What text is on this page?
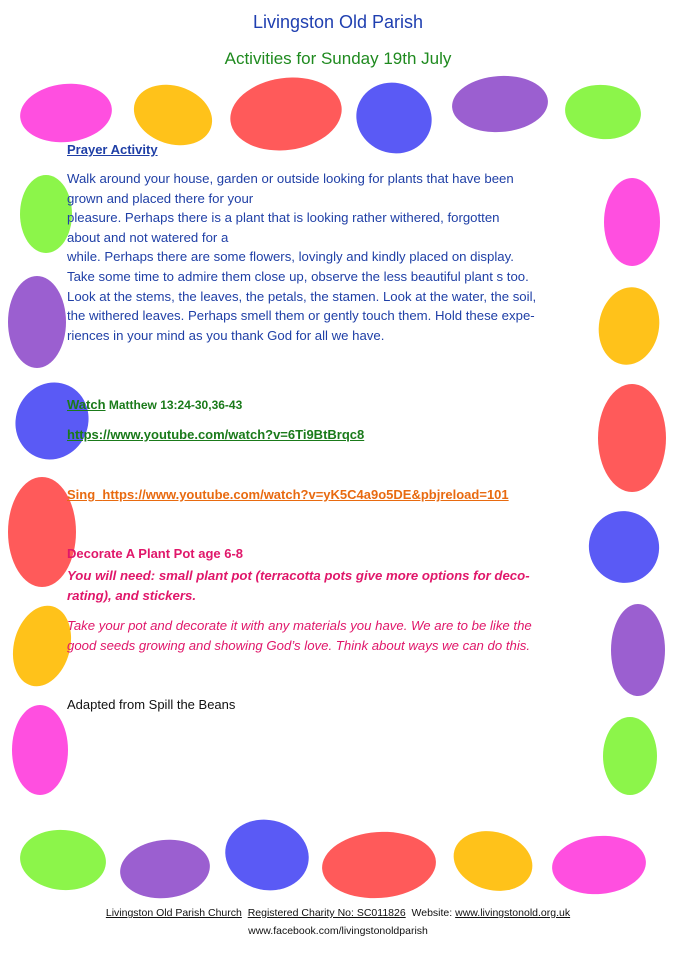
Livingston Old Parish
Activities for Sunday 19th July
Prayer Activity
Walk around your house, garden or outside looking for plants that have been
grown and placed there for your
pleasure. Perhaps there is a plant that is looking rather withered, forgotten
about and not watered for a
while. Perhaps there are some flowers, lovingly and kindly placed on display.
Take some time to admire them close up, observe the less beautiful plant s too.
Look at the stems, the leaves, the petals, the stamen. Look at the water, the soil,
the withered leaves. Perhaps smell them or gently touch them. Hold these expe-
riences in your mind as you thank God for all we have.
Watch Matthew 13:24-30,36-43
https://www.youtube.com/watch?v=6Ti9BtBrqc8
Sing https://www.youtube.com/watch?v=yK5C4a9o5DE&pbjreload=101
Decorate A Plant Pot age 6-8
You will need: small plant pot (terracotta pots give more options for deco-
rating), and stickers.
Take your pot and decorate it with any materials you have. We are to be like the
good seeds growing and showing God’s love. Think about ways we can do this.
Adapted from Spill the Beans
Livingston Old Parish Church Registered Charity No: SC011826 Website: www.livingstonold.org.uk
www.facebook.com/livingstonoldparish
